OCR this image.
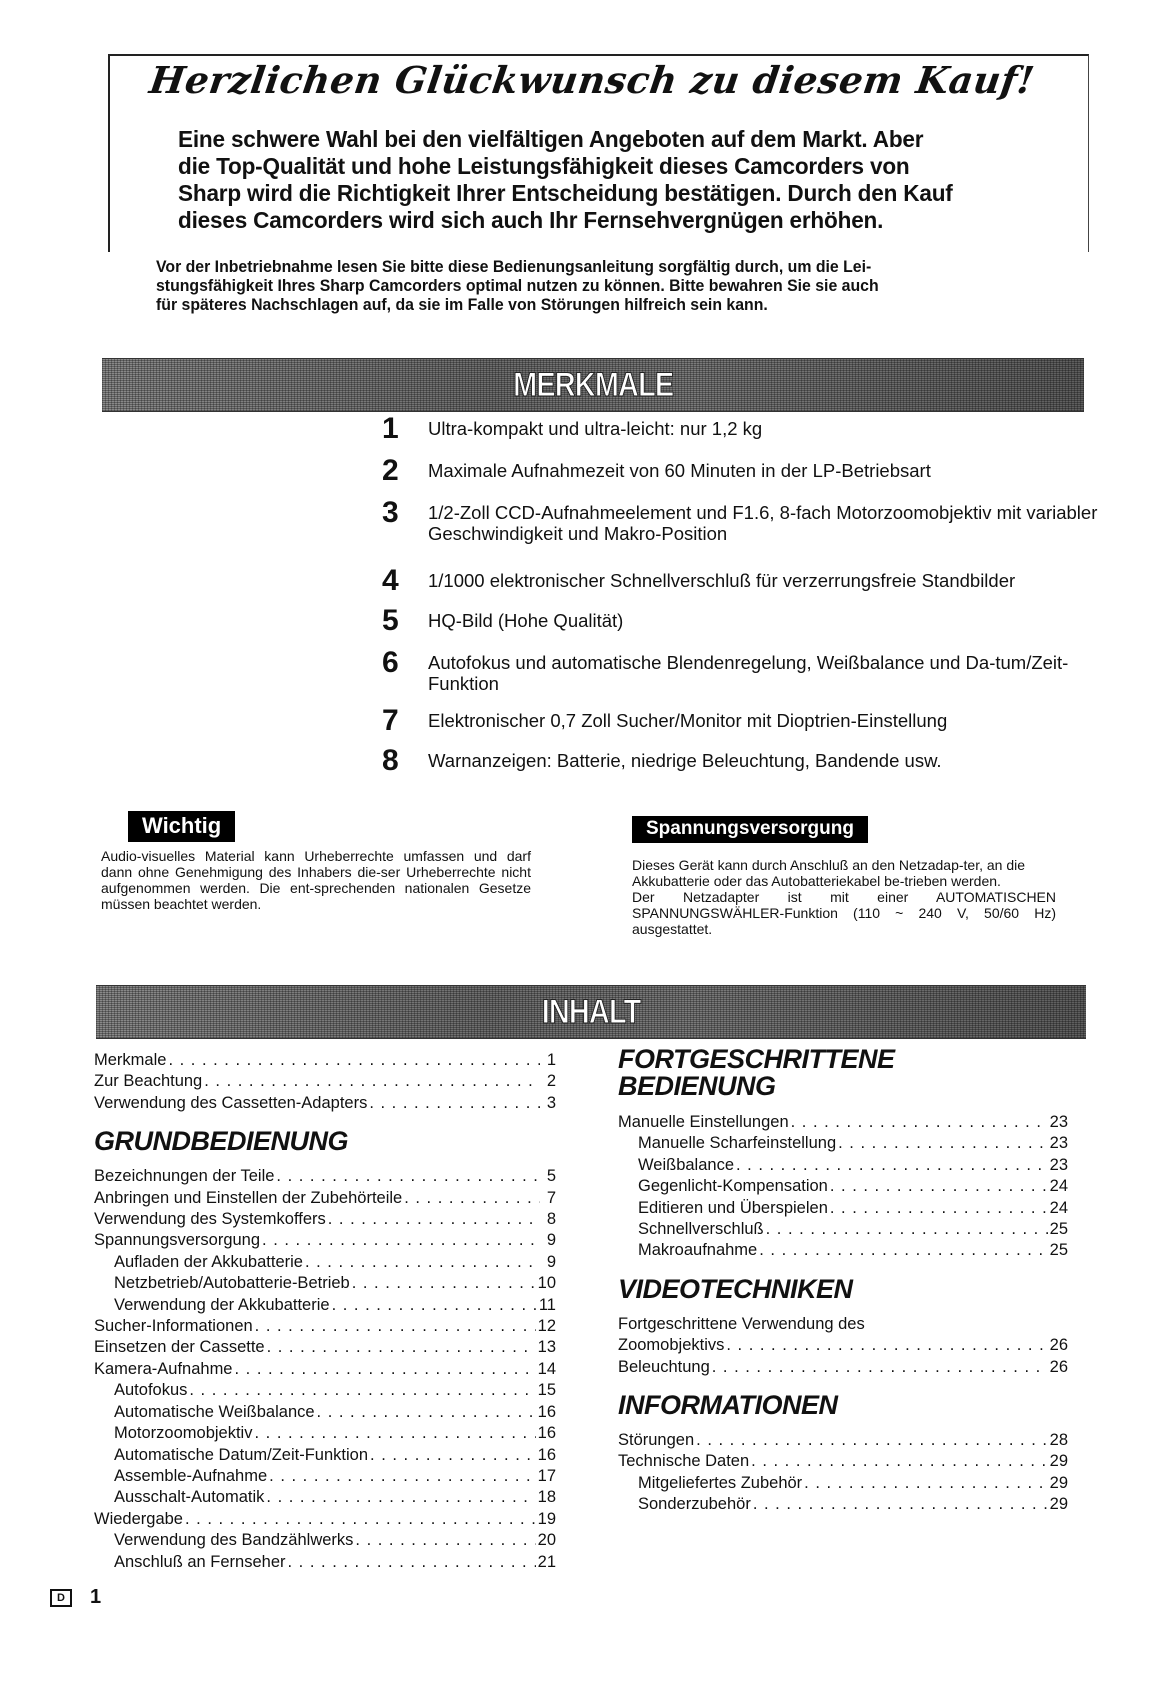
Herzlichen Glückwunsch zu diesem Kauf!
Eine schwere Wahl bei den vielfältigen Angeboten auf dem Markt. Aber
die Top-Qualität und hohe Leistungsfähigkeit dieses Camcorders von
Sharp wird die Richtigkeit Ihrer Entscheidung bestätigen. Durch den Kauf
dieses Camcorders wird sich auch Ihr Fernsehvergnügen erhöhen.
Vor der Inbetriebnahme lesen Sie bitte diese Bedienungsanleitung sorgfältig durch, um die Lei-
stungsfähigkeit Ihres Sharp Camcorders optimal nutzen zu können. Bitte bewahren Sie sie auch
für späteres Nachschlagen auf, da sie im Falle von Störungen hilfreich sein kann.
MERKMALE
1	Ultra-kompakt und ultra-leicht: nur 1,2 kg
2	Maximale Aufnahmezeit von 60 Minuten in der LP-Betriebsart
3	1/2-Zoll CCD-Aufnahmeelement und F1.6, 8-fach Motorzoomobjektiv mit variabler Geschwindigkeit und Makro-Position
4	1/1000 elektronischer Schnellverschluß für verzerrungsfreie Standbilder
5	HQ-Bild (Hohe Qualität)
6	Autofokus und automatische Blendenregelung, Weißbalance und Da-tum/Zeit-Funktion
7	Elektronischer 0,7 Zoll Sucher/Monitor mit Dioptrien-Einstellung
8	Warnanzeigen: Batterie, niedrige Beleuchtung, Bandende usw.
Wichtig
Audio-visuelles Material kann Urheberrechte umfassen und darf dann ohne Genehmigung des Inhabers die-ser Urheberrechte nicht aufgenommen werden. Die ent-sprechenden nationalen Gesetze müssen beachtet werden.
Spannungsversorgung
Dieses Gerät kann durch Anschluß an den Netzadap-ter, an die Akkubatterie oder das Autobatteriekabel be-trieben werden.
Der Netzadapter ist mit einer AUTOMATISCHEN SPANNUNGSWÄHLER-Funktion (110 ~ 240 V, 50/60 Hz) ausgestattet.
INHALT
Merkmale . . .	1
Zur Beachtung . . .	2
Verwendung des Cassetten-Adapters . . .	3
GRUNDBEDIENUNG
Bezeichnungen der Teile . . .	5
Anbringen und Einstellen der Zubehörteile . . .	7
Verwendung des Systemkoffers . . .	8
Spannungsversorgung . . .	9
Aufladen der Akkubatterie . . .	9
Netzbetrieb/Autobatterie-Betrieb . . .	10
Verwendung der Akkubatterie . . .	11
Sucher-Informationen . . .	12
Einsetzen der Cassette . . .	13
Kamera-Aufnahme . . .	14
Autofokus . . .	15
Automatische Weißbalance . . .	16
Motorzoomobjektiv . . .	16
Automatische Datum/Zeit-Funktion . . .	16
Assemble-Aufnahme . . .	17
Ausschalt-Automatik . . .	18
Wiedergabe . . .	19
Verwendung des Bandzählwerks . . .	20
Anschluß an Fernseher . . .	21
FORTGESCHRITTENE
BEDIENUNG
Manuelle Einstellungen . . .	23
Manuelle Scharfeinstellung . . .	23
Weißbalance . . .	23
Gegenlicht-Kompensation . . .	24
Editieren und Überspielen . . .	24
Schnellverschluß . . .	25
Makroaufnahme . . .	25
VIDEOTECHNIKEN
Fortgeschrittene Verwendung des
Zoomobjektivs . . .	26
Beleuchtung . . .	26
INFORMATIONEN
Störungen . . .	28
Technische Daten . . .	29
Mitgeliefertes Zubehör . . .	29
Sonderzubehör . . .	29
D	1
